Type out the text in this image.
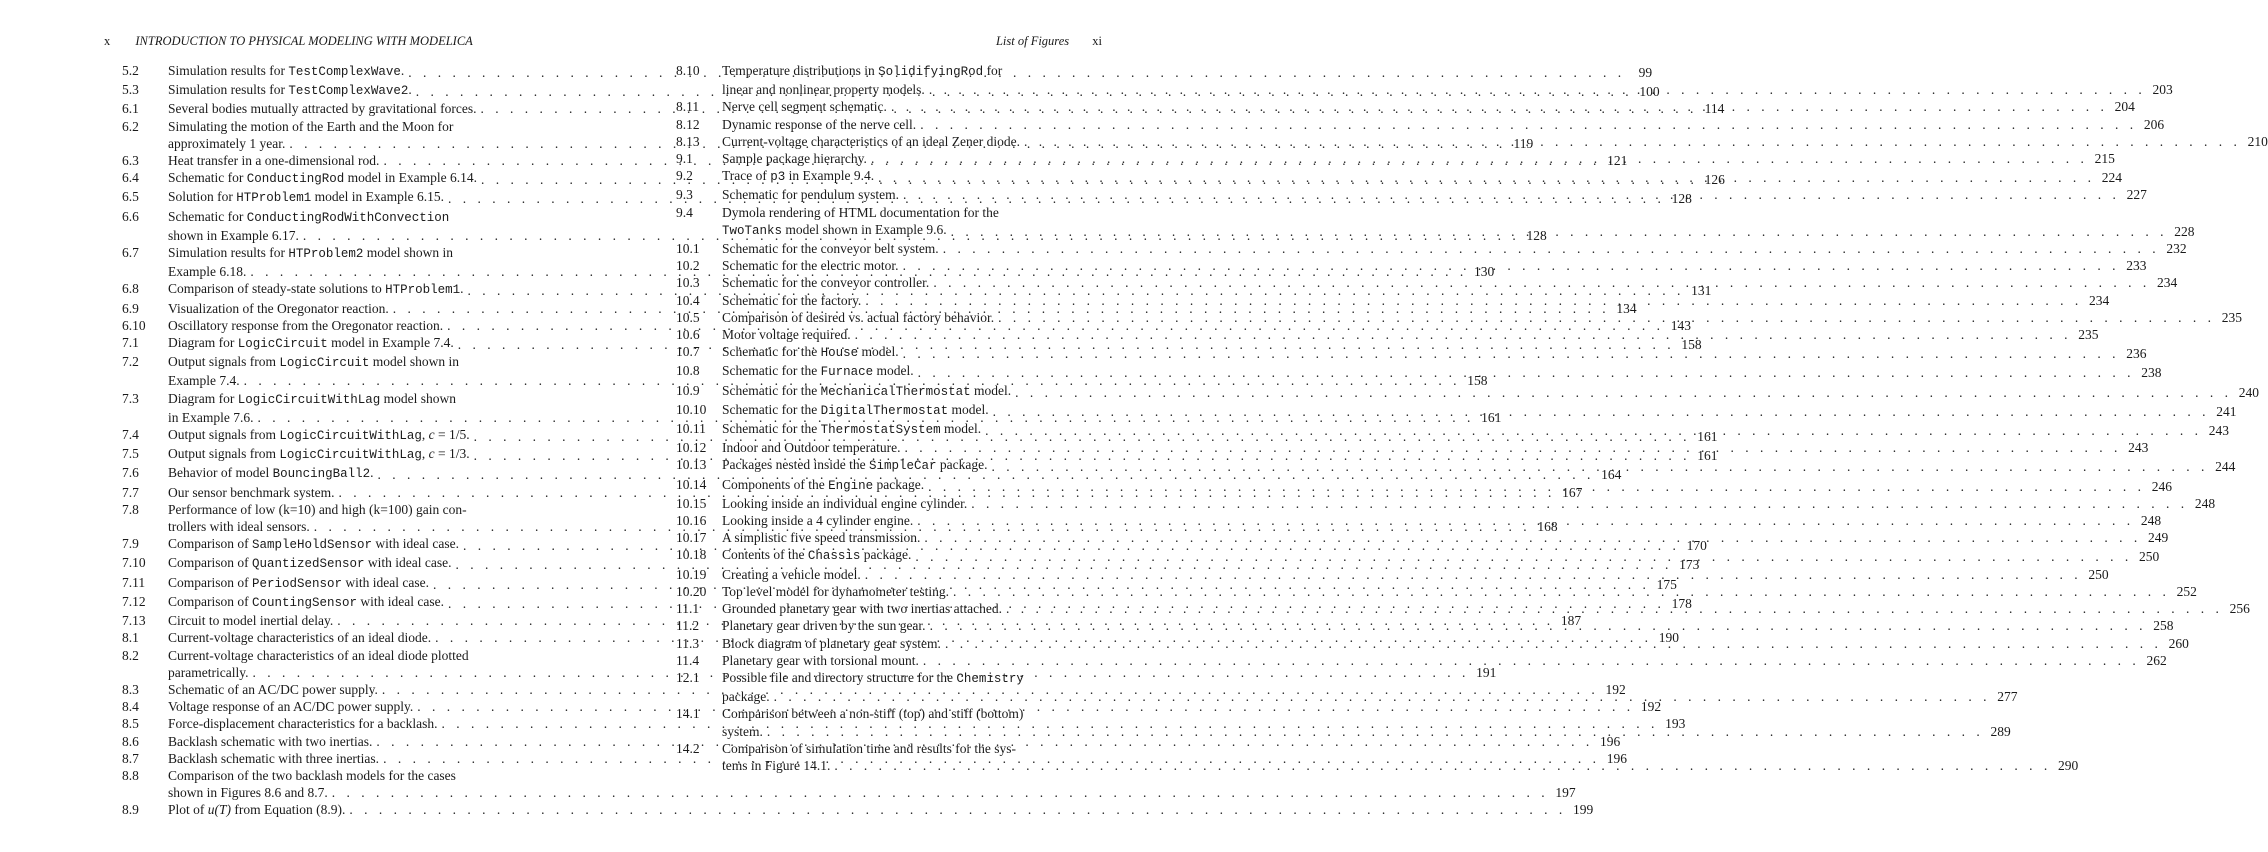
x INTRODUCTION TO PHYSICAL MODELING WITH MODELICA	List of Figures xi
5.2	Simulation results for TestComplexWave. . . .	99
5.3	Simulation results for TestComplexWave2. . . .	100
6.1	Several bodies mutually attracted by gravitational forces. . . .	114
6.2	Simulating the motion of the Earth and the Moon for
approximately 1 year. . . .	119
6.3	Heat transfer in a one-dimensional rod. . . .	121
6.4	Schematic for ConductingRod model in Example 6.14. . . .	126
6.5	Solution for HTProblem1 model in Example 6.15. . . .	128
6.6	Schematic for ConductingRodWithConvection
shown in Example 6.17. . . .	128
6.7	Simulation results for HTProblem2 model shown in
Example 6.18. . . .	130
6.8	Comparison of steady-state solutions to HTProblem1. . . .	131
6.9	Visualization of the Oregonator reaction. . . .	134
6.10	Oscillatory response from the Oregonator reaction. . . .	143
7.1	Diagram for LogicCircuit model in Example 7.4. . . .	158
7.2	Output signals from LogicCircuit model shown in
Example 7.4. . . .	158
7.3	Diagram for LogicCircuitWithLag model shown
in Example 7.6. . . .	161
7.4	Output signals from LogicCircuitWithLag, c = 1/5. . . .	161
7.5	Output signals from LogicCircuitWithLag, c = 1/3. . . .	161
7.6	Behavior of model BouncingBall2. . . .	164
7.7	Our sensor benchmark system. . . .	167
7.8	Performance of low (k=10) and high (k=100) gain con-
trollers with ideal sensors. . . .	168
7.9	Comparison of SampleHoldSensor with ideal case. . . .	170
7.10	Comparison of QuantizedSensor with ideal case. . . .	173
7.11	Comparison of PeriodSensor with ideal case. . . .	175
7.12	Comparison of CountingSensor with ideal case. . . .	178
7.13	Circuit to model inertial delay. . . .	187
8.1	Current-voltage characteristics of an ideal diode. . . .	190
8.2	Current-voltage characteristics of an ideal diode plotted
parametrically. . . .	191
8.3	Schematic of an AC/DC power supply. . . .	192
8.4	Voltage response of an AC/DC power supply. . . .	192
8.5	Force-displacement characteristics for a backlash. . . .	193
8.6	Backlash schematic with two inertias. . . .	196
8.7	Backlash schematic with three inertias. . . .	196
8.8	Comparison of the two backlash models for the cases
shown in Figures 8.6 and 8.7. . . .	197
8.9	Plot of u(T) from Equation (8.9). . . .	199
8.10	Temperature distributions in SolidifyingRod for
linear and nonlinear property models. . . .	203
8.11	Nerve cell segment schematic. . . .	204
8.12	Dynamic response of the nerve cell. . . .	206
8.13	Current-voltage characteristics of an ideal Zener diode. . . .	210
9.1	Sample package hierarchy. . . .	215
9.2	Trace of p3 in Example 9.4. . . .	224
9.3	Schematic for pendulum system. . . .	227
9.4	Dymola rendering of HTML documentation for the
TwoTanks model shown in Example 9.6. . . .	228
10.1	Schematic for the conveyor belt system. . . .	232
10.2	Schematic for the electric motor. . . .	233
10.3	Schematic for the conveyor controller. . . .	234
10.4	Schematic for the factory. . . .	234
10.5	Comparison of desired vs. actual factory behavior. . . .	235
10.6	Motor voltage required. . . .	235
10.7	Schematic for the House model. . . .	236
10.8	Schematic for the Furnace model. . . .	238
10.9	Schematic for the MechanicalThermostat model. . . .	240
10.10	Schematic for the DigitalThermostat model. . . .	241
10.11	Schematic for the ThermostatSystem model. . . .	243
10.12	Indoor and Outdoor temperature. . . .	243
10.13	Packages nested inside the SimpleCar package. . . .	244
10.14	Components of the Engine package. . . .	246
10.15	Looking inside an individual engine cylinder. . . .	248
10.16	Looking inside a 4 cylinder engine. . . .	248
10.17	A simplistic five speed transmission. . . .	249
10.18	Contents of the Chassis package. . . .	250
10.19	Creating a vehicle model. . . .	250
10.20	Top level model for dynamometer testing. . . .	252
11.1	Grounded planetary gear with two inertias attached. . . .	256
11.2	Planetary gear driven by the sun gear. . . .	258
11.3	Block diagram of planetary gear system. . . .	260
11.4	Planetary gear with torsional mount. . . .	262
12.1	Possible file and directory structure for the Chemistry
package. . . .	277
14.1	Comparison between a non-stiff (top) and stiff (bottom)
system. . . .	289
14.2	Comparison of simulation time and results for the sys-
tems in Figure 14.1. . . .	290
